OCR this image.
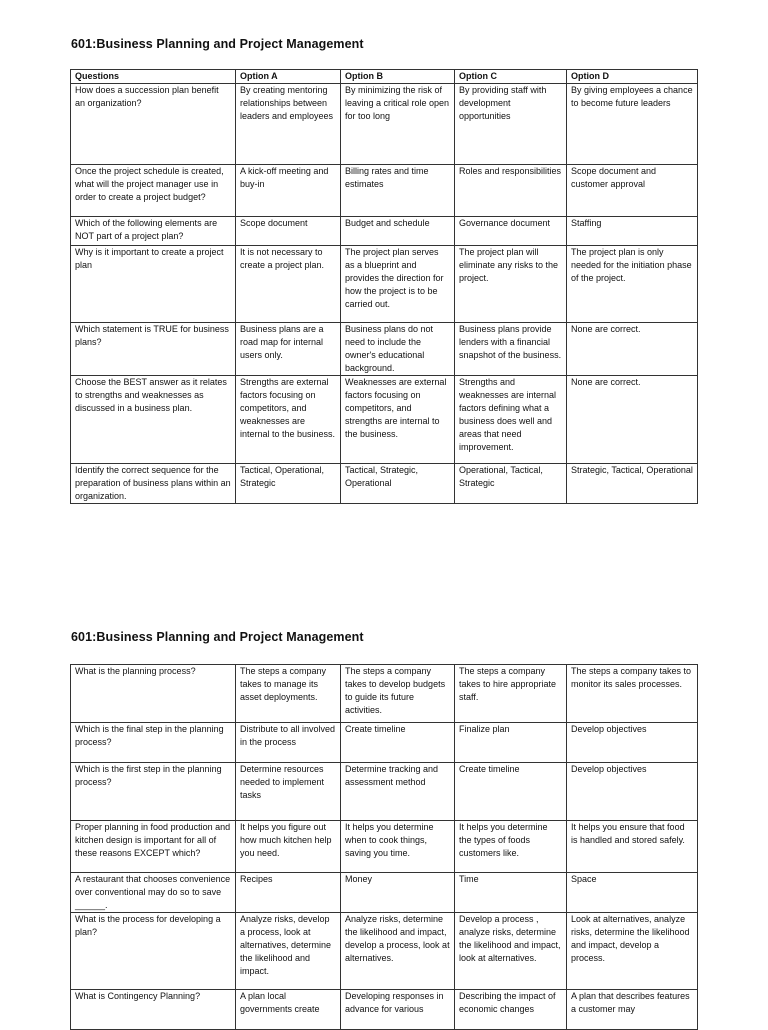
601:Business Planning and Project Management
Questions	Option A	Option B	Option C	Option D
How does a succession plan benefit an organization?	By creating mentoring relationships between leaders and employees	By minimizing the risk of leaving a critical role open for too long	By providing staff with development opportunities	By giving employees a chance to become future leaders
Once the project schedule is created, what will the project manager use in order to create a project budget?	A kick-off meeting and buy-in	Billing rates and time estimates	Roles and responsibilities	Scope document and customer approval
Which of the following elements are NOT part of a project plan?	Scope document	Budget and schedule	Governance document	Staffing
Why is it important to create a project plan	It is not necessary to create a project plan.	The project plan serves as a blueprint and provides the direction for how the project is to be carried out.	The project plan will eliminate any risks to the project.	The project plan is only needed for the initiation phase of the project.
Which statement is TRUE for business plans?	Business plans are a road map for internal users only.	Business plans do not need to include the owner's educational background.	Business plans provide lenders with a financial snapshot of the business.	None are correct.
Choose the BEST answer as it relates to strengths and weaknesses as discussed in a business plan.	Strengths are external factors focusing on competitors, and weaknesses are internal to the business.	Weaknesses are external factors focusing on competitors, and strengths are internal to the business.	Strengths and weaknesses are internal factors defining what a business does well and areas that need improvement.	None are correct.
Identify the correct sequence for the preparation of business plans within an organization.	Tactical, Operational, Strategic	Tactical, Strategic, Operational	Operational, Tactical, Strategic	Strategic, Tactical, Operational
601:Business Planning and Project Management
What is the planning process?	The steps a company takes to manage its asset deployments.	The steps a company takes to develop budgets to guide its future activities.	The steps a company takes to hire appropriate staff.	The steps a company takes to monitor its sales processes.
Which is the final step in the planning process?	Distribute to all involved in the process	Create timeline	Finalize plan	Develop objectives
Which is the first step in the planning process?	Determine resources needed to implement tasks	Determine tracking and assessment method	Create timeline	Develop objectives
Proper planning in food production and kitchen design is important for all of these reasons EXCEPT which?	It helps you figure out how much kitchen help you need.	It helps you determine when to cook things, saving you time.	It helps you determine the types of foods customers like.	It helps you ensure that food is handled and stored safely.
A restaurant that chooses convenience over conventional may do so to save ______.	Recipes	Money	Time	Space
What is the process for developing a plan?	Analyze risks, develop a process, look at alternatives, determine the likelihood and impact.	Analyze risks, determine the likelihood and impact, develop a process, look at alternatives.	Develop a process , analyze risks, determine the likelihood and impact, look at alternatives.	Look at alternatives, analyze risks, determine the likelihood and impact, develop a process.
What is Contingency Planning?	A plan local governments create	Developing responses in advance for various	Describing the impact of economic changes	A plan that describes features a customer may
